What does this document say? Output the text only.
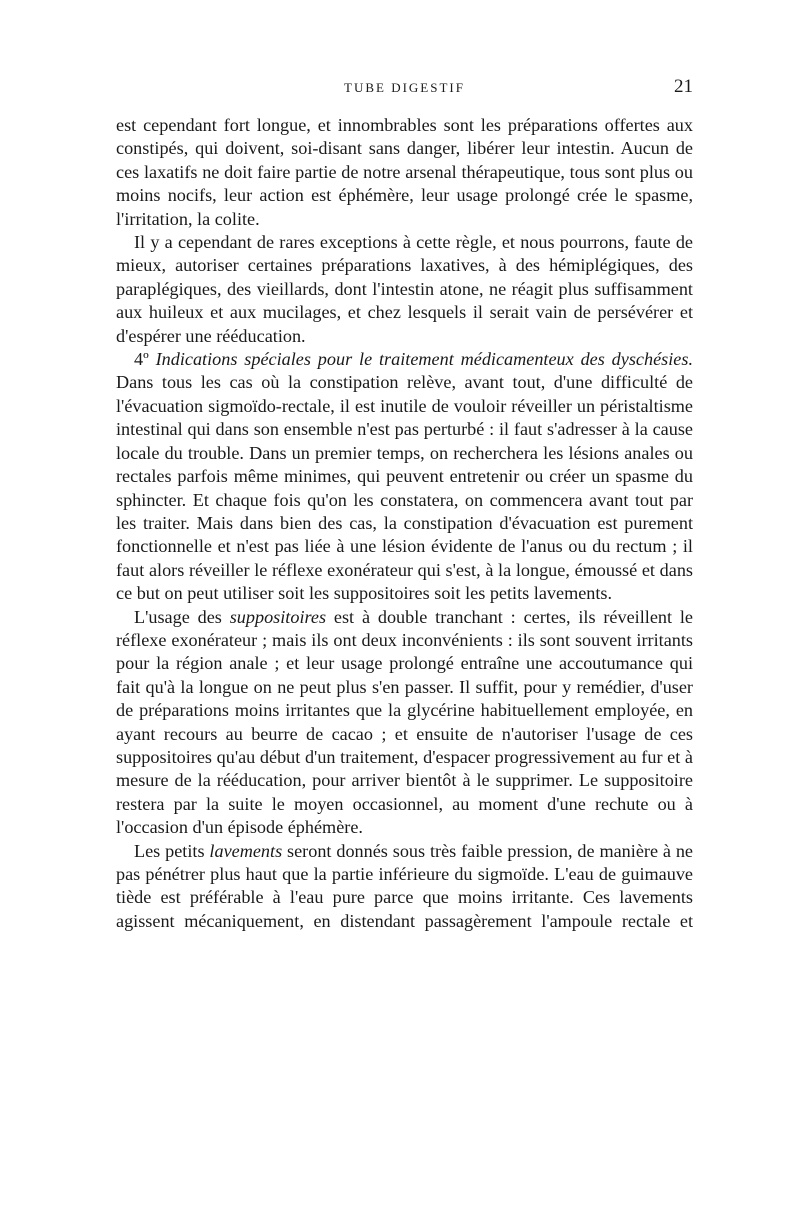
TUBE DIGESTIF	21

est cependant fort longue, et innombrables sont les préparations offertes aux constipés, qui doivent, soi-disant sans danger, libérer leur intestin. Aucun de ces laxatifs ne doit faire partie de notre arsenal thérapeutique, tous sont plus ou moins nocifs, leur action est éphémère, leur usage prolongé crée le spasme, l'irritation, la colite.

Il y a cependant de rares exceptions à cette règle, et nous pourrons, faute de mieux, autoriser certaines préparations laxatives, à des hémiplégiques, des paraplégiques, des vieillards, dont l'intestin atone, ne réagit plus suffisamment aux huileux et aux mucilages, et chez lesquels il serait vain de persévérer et d'espérer une rééducation.

4º Indications spéciales pour le traitement médicamenteux des dyschésies. Dans tous les cas où la constipation relève, avant tout, d'une difficulté de l'évacuation sigmoïdo-rectale, il est inutile de vouloir réveiller un péristaltisme intestinal qui dans son ensemble n'est pas perturbé : il faut s'adresser à la cause locale du trouble. Dans un premier temps, on recherchera les lésions anales ou rectales parfois même minimes, qui peuvent entretenir ou créer un spasme du sphincter. Et chaque fois qu'on les constatera, on commencera avant tout par les traiter. Mais dans bien des cas, la constipation d'évacuation est purement fonctionnelle et n'est pas liée à une lésion évidente de l'anus ou du rectum ; il faut alors réveiller le réflexe exonérateur qui s'est, à la longue, émoussé et dans ce but on peut utiliser soit les suppositoires soit les petits lavements.

L'usage des suppositoires est à double tranchant : certes, ils réveillent le réflexe exonérateur ; mais ils ont deux inconvénients : ils sont souvent irritants pour la région anale ; et leur usage prolongé entraîne une accoutumance qui fait qu'à la longue on ne peut plus s'en passer. Il suffit, pour y remédier, d'user de préparations moins irritantes que la glycérine habituellement employée, en ayant recours au beurre de cacao ; et ensuite de n'autoriser l'usage de ces suppositoires qu'au début d'un traitement, d'espacer progressivement au fur et à mesure de la rééducation, pour arriver bientôt à le supprimer. Le suppositoire restera par la suite le moyen occasionnel, au moment d'une rechute ou à l'occasion d'un épisode éphémère.

Les petits lavements seront donnés sous très faible pression, de manière à ne pas pénétrer plus haut que la partie inférieure du sigmoïde. L'eau de guimauve tiède est préférable à l'eau pure parce que moins irritante. Ces lavements agissent mécaniquement, en distendant passagèrement l'ampoule rectale et
